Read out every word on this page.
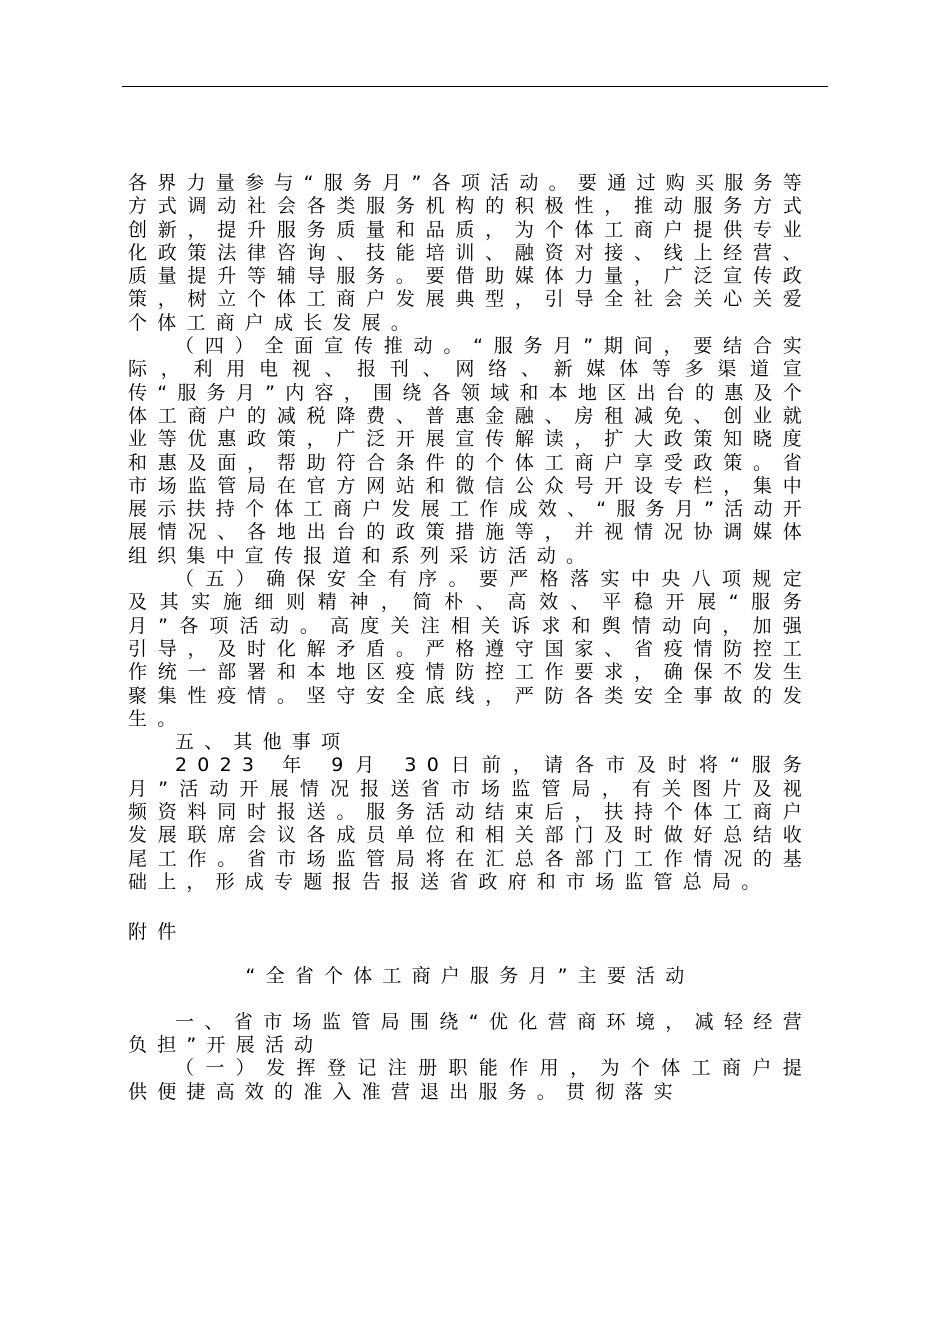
各界力量参与“服务月”各项活动。要通过购买服务等方式调动社会各类服务机构的积极性，推动服务方式创新，提升服务质量和品质，为个体工商户提供专业化政策法律咨询、技能培训、融资对接、线上经营、质量提升等辅导服务。要借助媒体力量，广泛宣传政策，树立个体工商户发展典型，引导全社会关心关爱个体工商户成长发展。

（四）全面宣传推动。“服务月”期间，要结合实际，利用电视、报刊、网络、新媒体等多渠道宣传“服务月”内容，围绕各领域和本地区出台的惠及个体工商户的减税降费、普惠金融、房租减免、创业就业等优惠政策，广泛开展宣传解读，扩大政策知晓度和惠及面，帮助符合条件的个体工商户享受政策。省市场监管局在官方网站和微信公众号开设专栏，集中展示扶持个体工商户发展工作成效、“服务月”活动开展情况、各地出台的政策措施等，并视情况协调媒体组织集中宣传报道和系列采访活动。

（五）确保安全有序。要严格落实中央八项规定及其实施细则精神，简朴、高效、平稳开展“服务月”各项活动。高度关注相关诉求和舆情动向，加强引导，及时化解矛盾。严格遵守国家、省疫情防控工作统一部署和本地区疫情防控工作要求，确保不发生聚集性疫情。坚守安全底线，严防各类安全事故的发生。

五、其他事项

2023 年 9月 30日前，请各市及时将“服务月”活动开展情况报送省市场监管局，有关图片及视频资料同时报送。服务活动结束后，扶持个体工商户发展联席会议各成员单位和相关部门及时做好总结收尾工作。省市场监管局将在汇总各部门工作情况的基础上，形成专题报告报送省政府和市场监管总局。

附件

“全省个体工商户服务月”主要活动

一、省市场监管局围绕“优化营商环境，减轻经营负担”开展活动

（一）发挥登记注册职能作用，为个体工商户提供便捷高效的准入准营退出服务。贯彻落实
